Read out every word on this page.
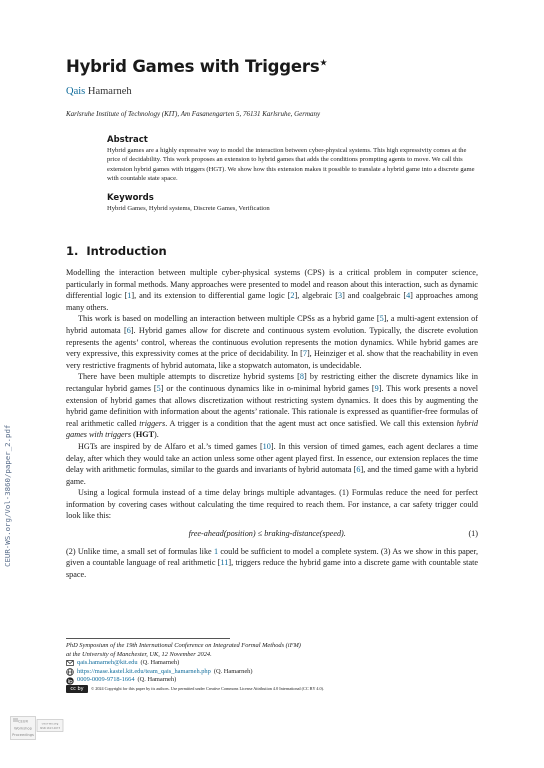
Hybrid Games with Triggers★
Qais Hamarneh
Karlsruhe Institute of Technology (KIT), Am Fasanengarten 5, 76131 Karlsruhe, Germany

Abstract

Hybrid games are a highly expressive way to model the interaction between cyber-physical systems. This high expressivity comes at the price of decidability. This work proposes an extension to hybrid games that adds the conditions prompting agents to move. We call this extension hybrid games with triggers (HGT). We show how this extension makes it possible to translate a hybrid game into a discrete game with countable state space.

Keywords

Hybrid Games, Hybrid systems, Discrete Games, Verification

1. Introduction

Modelling the interaction between multiple cyber-physical systems (CPS) is a critical problem in computer science, particularly in formal methods. Many approaches were presented to model and reason about this interaction, such as dynamic differential logic [1], and its extension to differential game logic [2], algebraic [3] and coalgebraic [4] approaches among many others.

This work is based on modelling an interaction between multiple CPSs as a hybrid game [5], a multi-agent extension of hybrid automata [6]. Hybrid games allow for discrete and continuous system evolution. Typically, the discrete evolution represents the agents’ control, whereas the continuous evolution represents the motion dynamics. While hybrid games are very expressive, this expressivity comes at the price of decidability. In [7], Heinziger et al. show that the reachability in even very restrictive fragments of hybrid automata, like a stopwatch automaton, is undecidable.

There have been multiple attempts to discretize hybrid systems [8] by restricting either the discrete dynamics like in rectangular hybrid games [5] or the continuous dynamics like in o-minimal hybrid games [9]. This work presents a novel extension of hybrid games that allows discretization without restricting system dynamics. It does this by augmenting the hybrid game definition with information about the agents’ rationale. This rationale is expressed as quantifier-free formulas of real arithmetic called triggers. A trigger is a condition that the agent must act once satisfied. We call this extension hybrid games with triggers (HGT).

HGTs are inspired by de Alfaro et al.’s timed games [10]. In this version of timed games, each agent declares a time delay, after which they would take an action unless some other agent played first. In essence, our extension replaces the time delay with arithmetic formulas, similar to the guards and invariants of hybrid automata [6], and the timed game with a hybrid game.

Using a logical formula instead of a time delay brings multiple advantages. (1) Formulas reduce the need for perfect information by covering cases without calculating the time required to reach them. For instance, a car safety trigger could look like this:

free-ahead(position) ≤ braking-distance(speed).	(1)

(2) Unlike time, a small set of formulas like 1 could be sufficient to model a complete system. (3) As we show in this paper, given a countable language of real arithmetic [11], triggers reduce the hybrid game into a discrete game with countable state space.

PhD Symposium of the 19th International Conference on Integrated Formal Methods (iFM)
at the University of Manchester, UK, 12 November 2024.
qais.hamarneh@kit.edu (Q. Hamarneh)
https://mase.kastel.kit.edu/team_qais_hamarneh.php (Q. Hamarneh)
0009-0009-9718-1664 (Q. Hamarneh)
cc by	© 2024 Copyright for this paper by its authors. Use permitted under Creative Commons License Attribution 4.0 International (CC BY 4.0).
CEUR-WS.org/Vol-3860/paper_2.pdf
CEUR
Workshop
Proceedings
ceur-ws.org
ISSN 1613-0073
